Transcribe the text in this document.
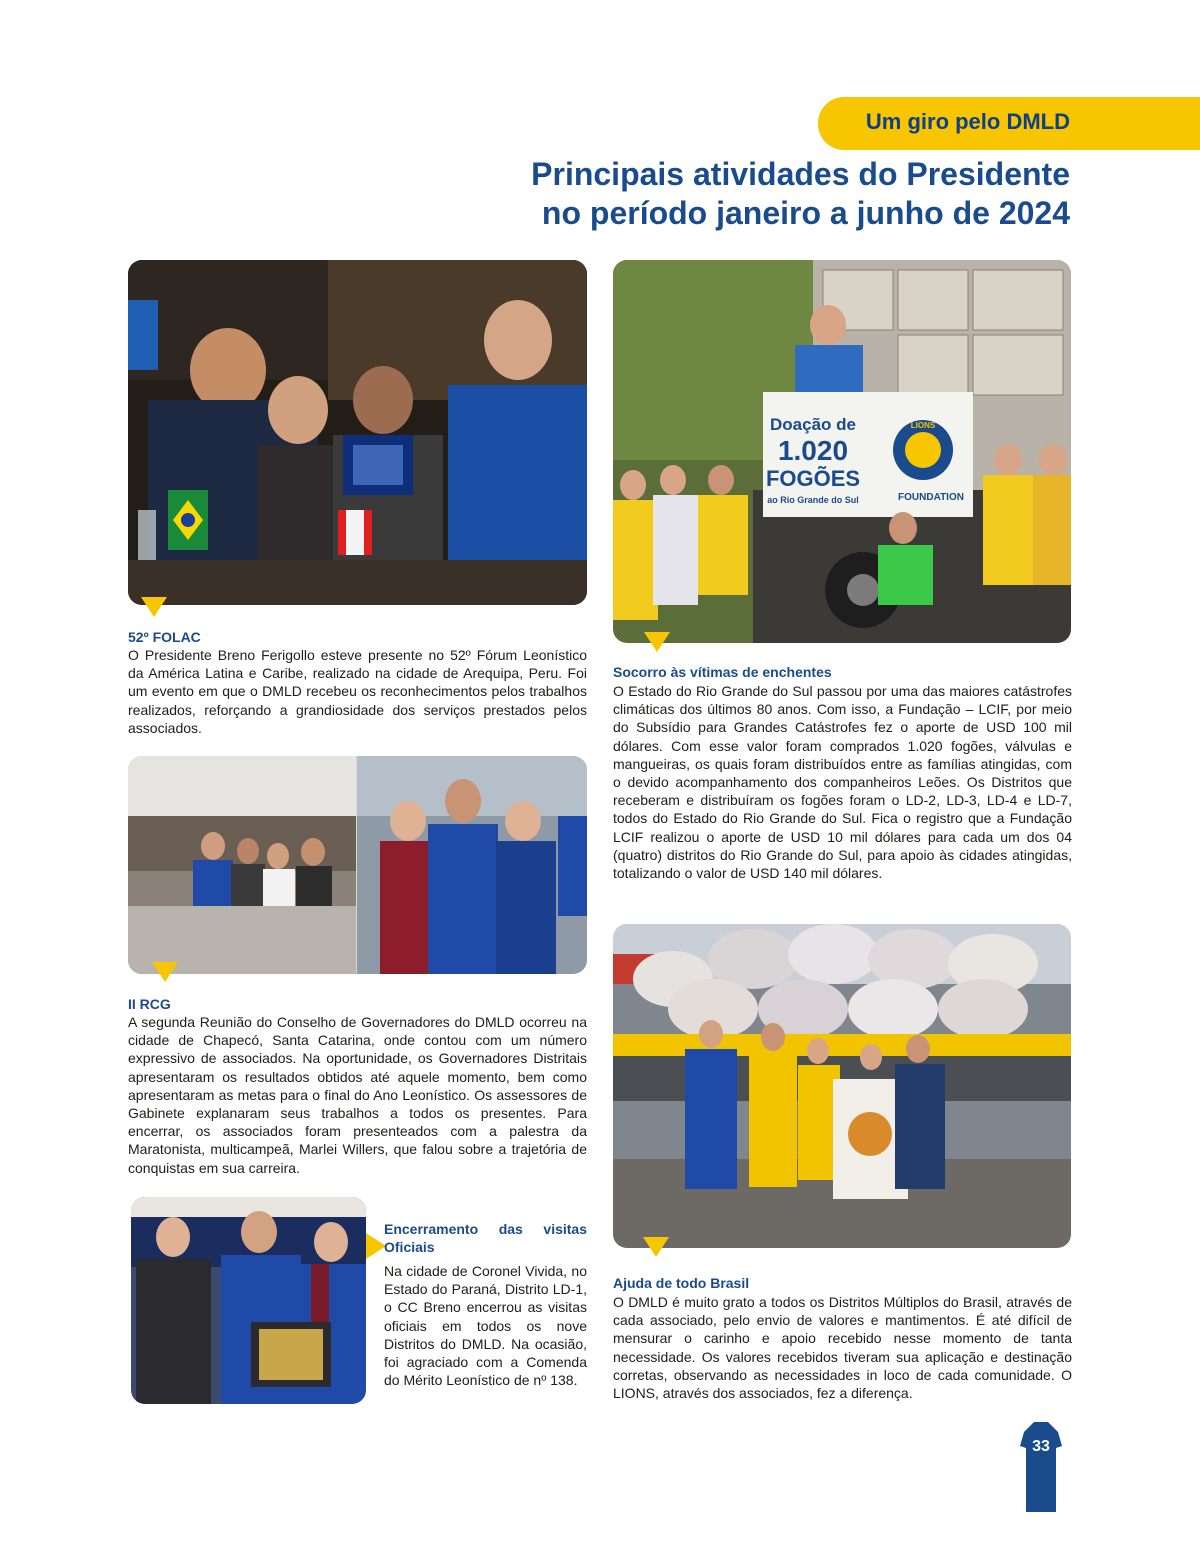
Um giro pelo DMLD
Principais atividades do Presidente
no período janeiro a junho de 2024
52º FOLAC
O Presidente Breno Ferigollo esteve presente no 52º Fórum Leonístico da América Latina e Caribe, realizado na cidade de Arequipa, Peru. Foi um evento em que o DMLD recebeu os reconhecimentos pelos trabalhos realizados, reforçando a grandiosidade dos serviços prestados pelos associados.
Doação de
1.020
FOGÕES
ao Rio Grande do Sul
LIONS
FOUNDATION
Socorro às vítimas de enchentes
O Estado do Rio Grande do Sul passou por uma das maiores catástrofes climáticas dos últimos 80 anos. Com isso, a Fundação – LCIF, por meio do Subsídio para Grandes Catástrofes fez o aporte de USD 100 mil dólares. Com esse valor foram comprados 1.020 fogões, válvulas e mangueiras, os quais foram distribuídos entre as famílias atingidas, com o devido acompanhamento dos companheiros Leões. Os Distritos que receberam e distribuíram os fogões foram o LD-2, LD-3, LD-4 e LD-7, todos do Estado do Rio Grande do Sul. Fica o registro que a Fundação LCIF realizou o aporte de USD 10 mil dólares para cada um dos 04 (quatro) distritos do Rio Grande do Sul, para apoio às cidades atingidas, totalizando o valor de USD 140 mil dólares.
II RCG
A segunda Reunião do Conselho de Governadores do DMLD ocorreu na cidade de Chapecó, Santa Catarina, onde contou com um número expressivo de associados. Na oportunidade, os Governadores Distritais apresentaram os resultados obtidos até aquele momento, bem como apresentaram as metas para o final do Ano Leonístico. Os assessores de Gabinete explanaram seus trabalhos a todos os presentes. Para encerrar, os associados foram presenteados com a palestra da Maratonista, multicampeã, Marlei Willers, que falou sobre a trajetória de conquistas em sua carreira.
Encerramento das visitas
Oficiais
Na cidade de Coronel Vivida, no Estado do Paraná, Distrito LD-1, o CC Breno encerrou as visitas oficiais em todos os nove Distritos do DMLD. Na ocasião, foi agraciado com a Comenda do Mérito Leonístico de nº 138.
Ajuda de todo Brasil
O DMLD é muito grato a todos os Distritos Múltiplos do Brasil, através de cada associado, pelo envio de valores e mantimentos. É até difícil de mensurar o carinho e apoio recebido nesse momento de tanta necessidade. Os valores recebidos tiveram sua aplicação e destinação corretas, observando as necessidades in loco de cada comunidade. O LIONS, através dos associados, fez a diferença.
33
